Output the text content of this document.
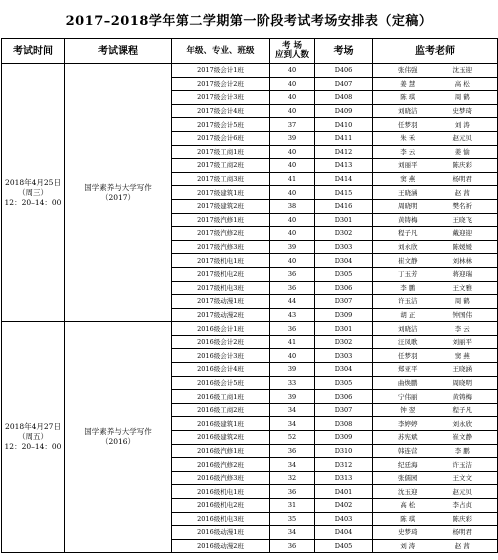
2017–2018学年第二学期第一阶段考试考场安排表（定稿）
考试时间	考试课程	年级、专业、班级	考 场
应到人数	考场	监考老师
2018年4月25日
（周三）
12：20–14：00	国学素养与大学写作
（2017）	2017级会计1班	40	D406	张伟强 沈玉迎
		2017级会计2班	40	D407	姜 慧 高 松
		2017级会计3班	40	D408	陈 琪 周 鹤
		2017级会计4班	40	D409	刘晓洁 史梦琦
		2017级会计5班	37	D410	任梦羽 刘 涛
		2017级会计6班	39	D411	朱 禾 赵元贝
		2017级工商1班	40	D412	李 云 姜 愉
		2017级工商2班	40	D413	刘丽平 陈庆彩
		2017级工商3班	41	D414	窦 燕 杨明君
		2017级建筑1班	40	D415	王晓涵 赵 茜
		2017级建筑2班	38	D416	周晓明 樊名祈
		2017级汽修1班	40	D301	黄铸梅 王晓飞
		2017级汽修2班	40	D302	程子凡 戴迎迎
		2017级汽修3班	39	D303	刘永欣 陈媛媛
		2017级机电1班	40	D304	崔文静 刘林林
		2017级机电2班	36	D305	丁玉芳 蒋迎瑞
		2017级机电3班	36	D306	李 鹏 王文雅
		2017级动漫1班	44	D307	许玉洁 周 鹤
		2017级动漫2班	43	D309	胡 正 钟国伟
2018年4月27日
（周五）
12：20–14：00	国学素养与大学写作
（2016）	2016级会计1班	36	D301	刘晓洁 李 云
		2016级会计2班	41	D302	汪凤歌 刘丽平
		2016级会计3班	40	D303	任梦羽 窦 燕
		2016级会计4班	39	D304	郑亚平 王晓涵
		2016级会计5班	33	D305	曲焕鹏 周晓明
		2016级工商1班	39	D306	宁伟丽 黄铸梅
		2016级工商2班	34	D307	钟 翌 程子凡
		2016级建筑1班	34	D308	李婷婷 刘永欣
		2016级建筑2班	52	D309	苏宪斌 崔文静
		2016级汽修1班	36	D310	韩连营 李 鹏
		2016级汽修2班	34	D312	纪廷海 许玉洁
		2016级汽修3班	32	D313	张儒园 王文文
		2016级机电1班	36	D401	沈玉迎 赵元贝
		2016级机电2班	31	D402	高 松 李占贞
		2016级机电3班	35	D403	陈 琪 陈庆彩
		2016级动漫1班	34	D404	史梦琦 杨明君
		2016级动漫2班	36	D405	刘 涛 赵 茜
